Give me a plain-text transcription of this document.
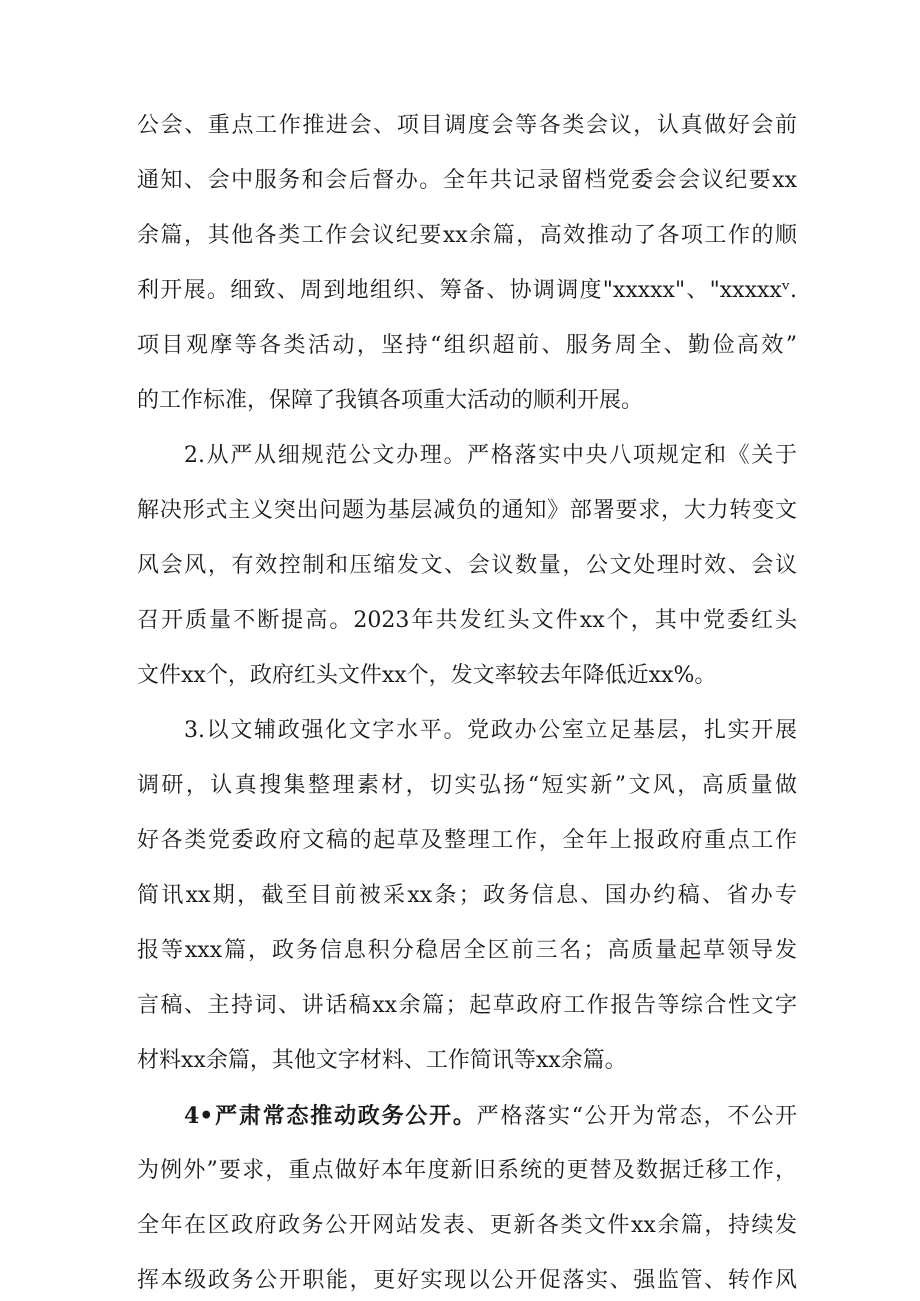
公会、重点工作推进会、项目调度会等各类会议，认真做好会前
通知、会中服务和会后督办。全年共记录留档党委会会议纪要xx
余篇，其他各类工作会议纪要xx余篇，高效推动了各项工作的顺
利开展。细致、周到地组织、筹备、协调调度"xxxxx"、"xxxxxᵛ.
项目观摩等各类活动，坚持“组织超前、服务周全、勤俭高效”
的工作标准，保障了我镇各项重大活动的顺利开展。
2.从严从细规范公文办理。严格落实中央八项规定和《关于
解决形式主义突出问题为基层减负的通知》部署要求，大力转变文
风会风，有效控制和压缩发文、会议数量，公文处理时效、会议
召开质量不断提高。2023年共发红头文件xx个，其中党委红头
文件xx个，政府红头文件xx个，发文率较去年降低近xx%。
3.以文辅政强化文字水平。党政办公室立足基层，扎实开展
调研，认真搜集整理素材，切实弘扬“短实新”文风，高质量做
好各类党委政府文稿的起草及整理工作，全年上报政府重点工作
简讯xx期，截至目前被采xx条；政务信息、国办约稿、省办专
报等xxx篇，政务信息积分稳居全区前三名；高质量起草领导发
言稿、主持词、讲话稿xx余篇；起草政府工作报告等综合性文字
材料xx余篇，其他文字材料、工作简讯等xx余篇。
4•严肃常态推动政务公开。严格落实“公开为常态，不公开
为例外”要求，重点做好本年度新旧系统的更替及数据迁移工作，
全年在区政府政务公开网站发表、更新各类文件xx余篇，持续发
挥本级政务公开职能，更好实现以公开促落实、强监管、转作风
